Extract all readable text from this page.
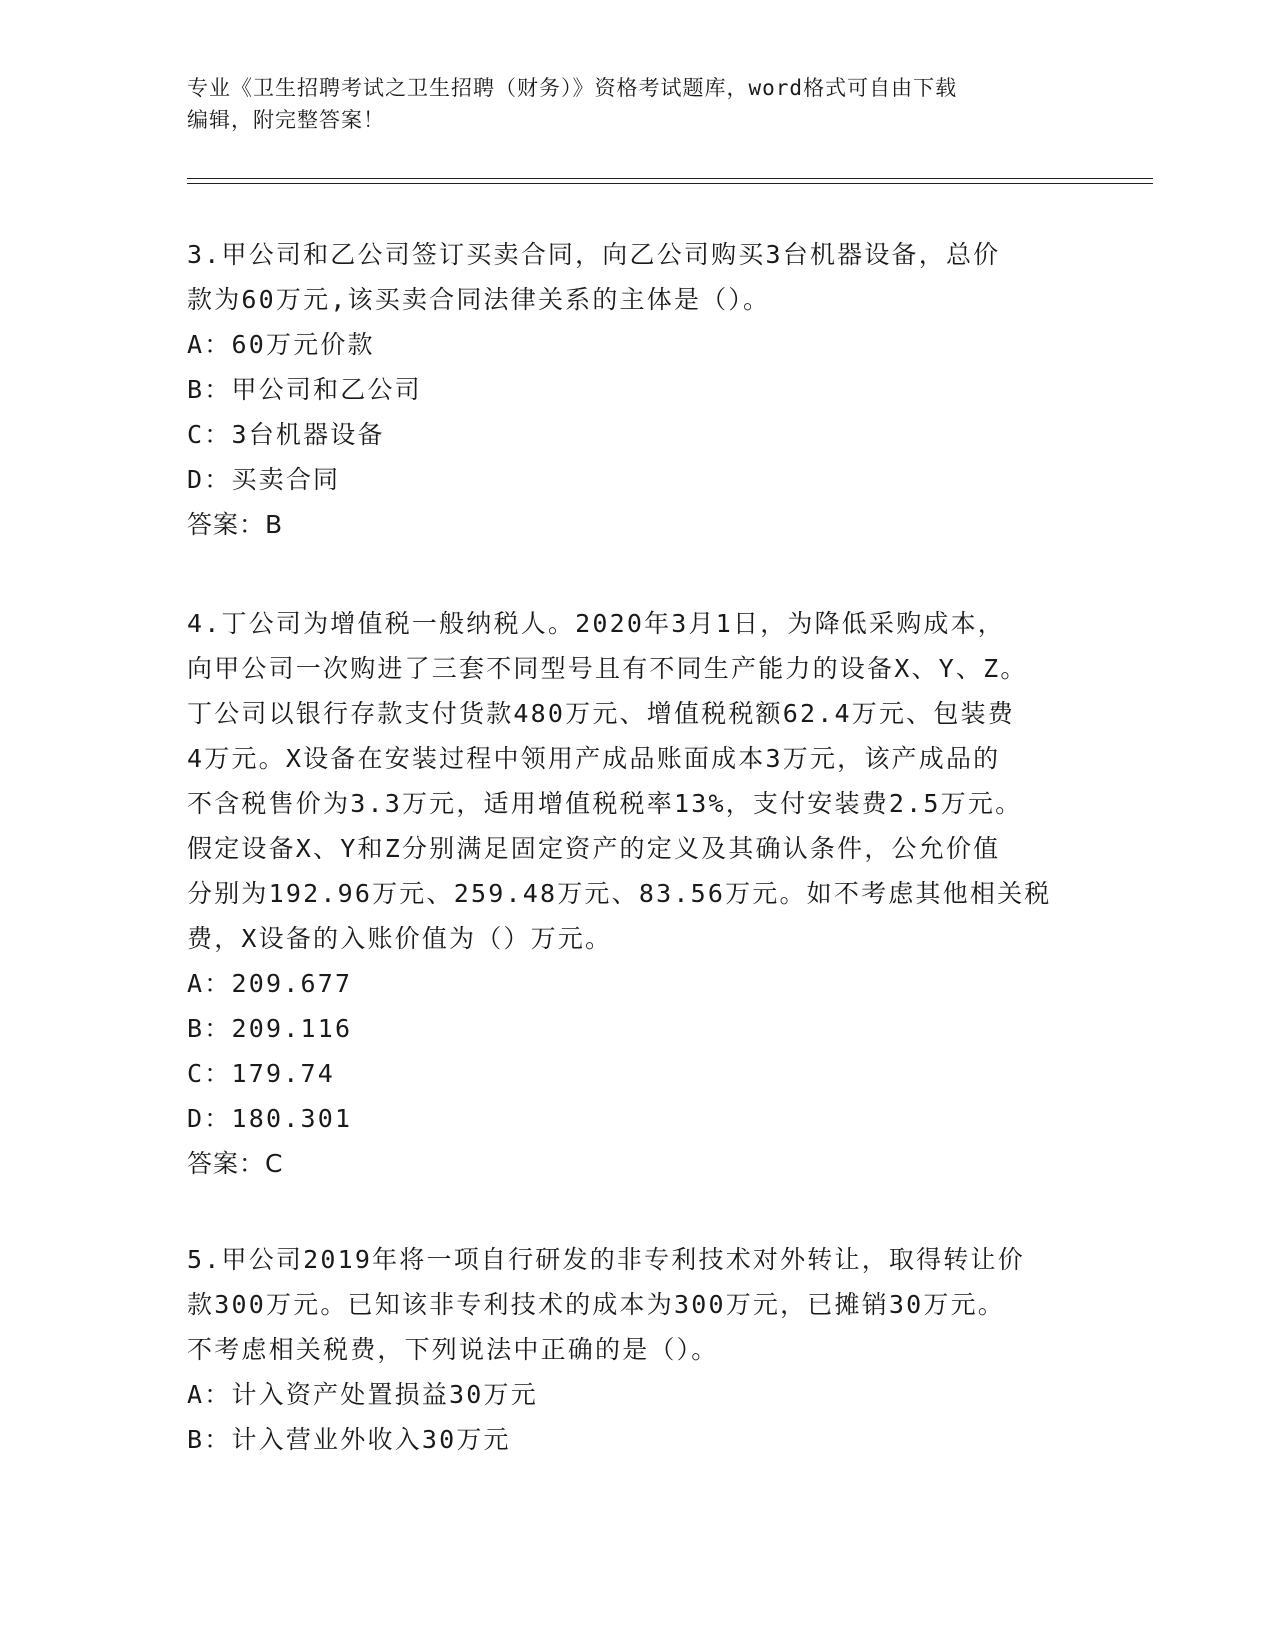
专业《卫生招聘考试之卫生招聘（财务）》资格考试题库，word格式可自由下载
编辑，附完整答案！
3.甲公司和乙公司签订买卖合同，向乙公司购买3台机器设备，总价
款为60万元,该买卖合同法律关系的主体是（）。
A：60万元价款
B：甲公司和乙公司
C：3台机器设备
D：买卖合同
答案：B
4.丁公司为增值税一般纳税人。2020年3月1日，为降低采购成本，
向甲公司一次购进了三套不同型号且有不同生产能力的设备X、Y、Z。
丁公司以银行存款支付货款480万元、增值税税额62.4万元、包装费
4万元。X设备在安装过程中领用产成品账面成本3万元，该产成品的
不含税售价为3.3万元，适用增值税税率13%，支付安装费2.5万元。
假定设备X、Y和Z分别满足固定资产的定义及其确认条件，公允价值
分别为192.96万元、259.48万元、83.56万元。如不考虑其他相关税
费，X设备的入账价值为（）万元。
A：209.677
B：209.116
C：179.74
D：180.301
答案：C
5.甲公司2019年将一项自行研发的非专利技术对外转让，取得转让价
款300万元。已知该非专利技术的成本为300万元，已摊销30万元。
不考虑相关税费，下列说法中正确的是（）。
A：计入资产处置损益30万元
B：计入营业外收入30万元
